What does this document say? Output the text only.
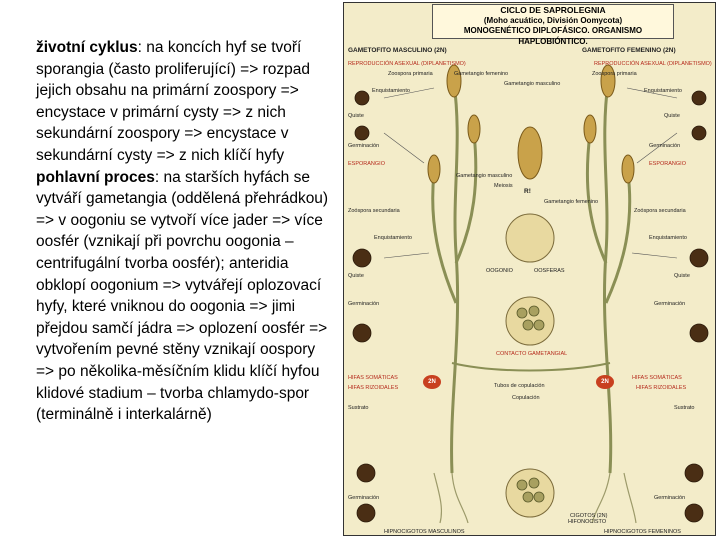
životní cyklus: na koncích hyf se tvoří sporangia (často proliferující) => rozpad jejich obsahu na primární zoospory => encystace v primární cysty => z nich sekundární zoospory => encystace v sekundární cysty => z nich klíčí hyfy

pohlavní proces: na starších hyfách se vytváří gametangia (oddělená přehrádkou) => v oogoniu se vytvoří více jader => více oosfér (vznikají při povrchu oogonia – centrifugální tvorba oosfér); anteridia obklopí oogonium => vytvářejí oplozovací hyfy, které vniknou do oogonia => jimi přejdou samčí jádra => oplození oosfér => vytvořením pevné stěny vznikají oospory => po několika-měsíčním klidu klíčí hyfou

klidové stadium – tvorba chlamydo-spor (terminálně i interkalárně)

CICLO DE SAPROLEGNIA
(Moho acuático, División Oomycota)
MONOGENÉTICO DIPLOFÁSICO. ORGANISMO HAPLOBIÓNTICO.
GAMETOFITO MASCULINO (2N)	GAMETOFITO FEMENINO (2N)
REPRODUCCIÓN ASEXUAL (DIPLANETISMO)	REPRODUCCIÓN ASEXUAL (DIPLANETISMO)
Zoospora primaria
Enquistamiento
Quiste
Germinación
ESPORANGIO
Zoóspora secundaria
Enquistamiento
Quiste
Germinación
HIFAS SOMÁTICAS
HIFAS RIZOIDALES
Sustrato
Germinación
Zoospora primaria
Enquistamiento
Quiste
Germinación
ESPORANGIO
Zoóspora secundaria
Enquistamiento
Quiste
Germinación
HIFAS SOMÁTICAS
HIFAS RIZOIDALES
Sustrato
Germinación
Gametangio femenino
Gametangio masculino
Meiosis
R!
OOGONIO	OOSFERAS
CONTACTO GAMETANGIAL
Tubos de copulación
Copulación
CIGOTOS (2N)
HIFONOCISTO
Gametangio masculino
Gametangio femenino
HIPNOCIGOTOS MASCULINOS	HIPNOCIGOTOS FEMENINOS
2N	2N
